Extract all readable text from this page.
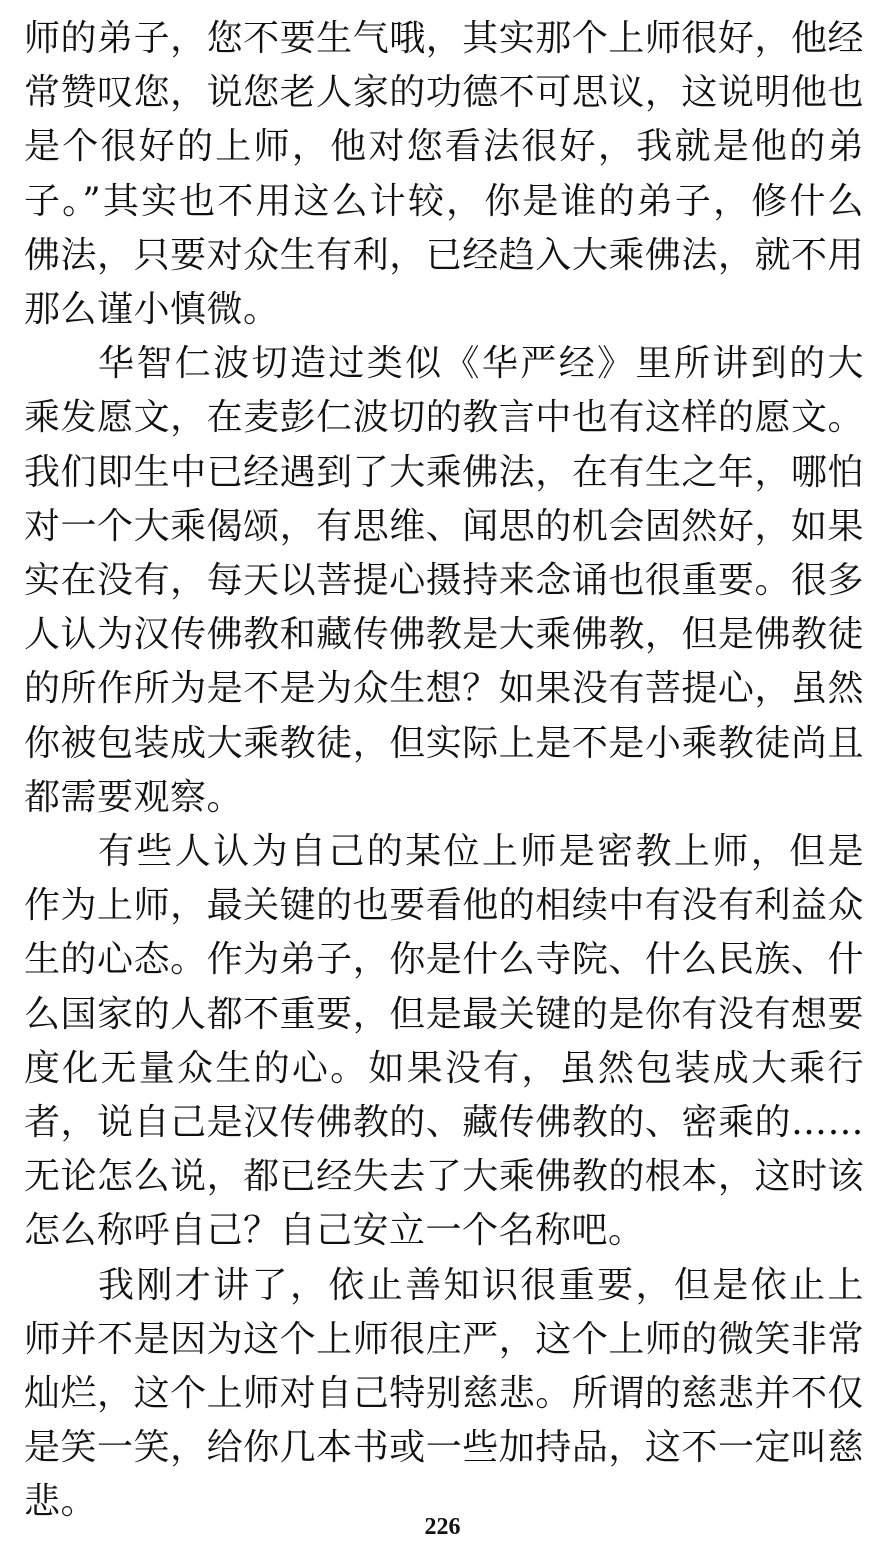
师的弟子，您不要生气哦，其实那个上师很好，他经常赞叹您，说您老人家的功德不可思议，这说明他也是个很好的上师，他对您看法很好，我就是他的弟子。”其实也不用这么计较，你是谁的弟子，修什么佛法，只要对众生有利，已经趋入大乘佛法，就不用那么谨小慎微。

华智仁波切造过类似《华严经》里所讲到的大乘发愿文，在麦彭仁波切的教言中也有这样的愿文。我们即生中已经遇到了大乘佛法，在有生之年，哪怕对一个大乘偈颂，有思维、闻思的机会固然好，如果实在没有，每天以菩提心摄持来念诵也很重要。很多人认为汉传佛教和藏传佛教是大乘佛教，但是佛教徒的所作所为是不是为众生想？如果没有菩提心，虽然你被包装成大乘教徒，但实际上是不是小乘教徒尚且都需要观察。

有些人认为自己的某位上师是密教上师，但是作为上师，最关键的也要看他的相续中有没有利益众生的心态。作为弟子，你是什么寺院、什么民族、什么国家的人都不重要，但是最关键的是你有没有想要度化无量众生的心。如果没有，虽然包装成大乘行者，说自己是汉传佛教的、藏传佛教的、密乘的……无论怎么说，都已经失去了大乘佛教的根本，这时该怎么称呼自己？自己安立一个名称吧。

我刚才讲了，依止善知识很重要，但是依止上师并不是因为这个上师很庄严，这个上师的微笑非常灿烂，这个上师对自己特别慈悲。所谓的慈悲并不仅是笑一笑，给你几本书或一些加持品，这不一定叫慈悲。

226
